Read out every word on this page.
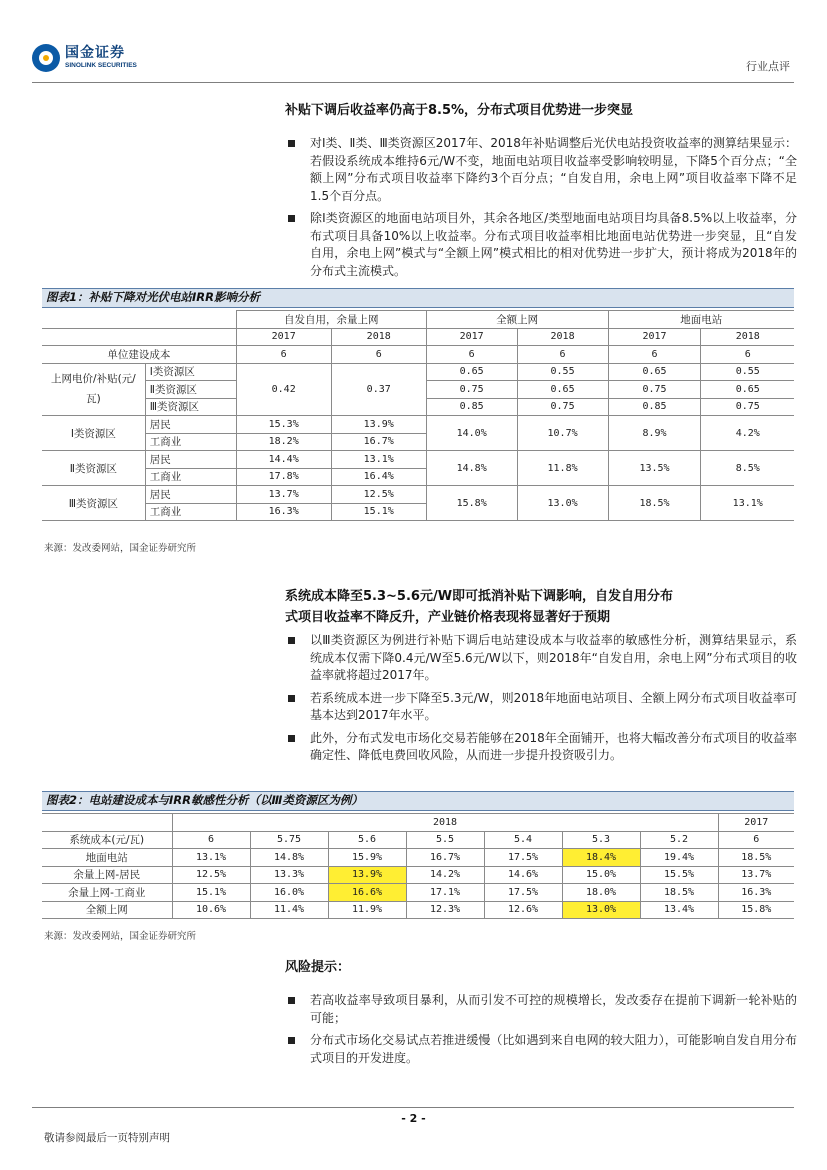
国金证券
SINOLINK SECURITIES	行业点评
补贴下调后收益率仍高于8.5%，分布式项目优势进一步突显
对Ⅰ类、Ⅱ类、Ⅲ类资源区2017年、2018年补贴调整后光伏电站投资收益率的测算结果显示：若假设系统成本维持6元/W不变，地面电站项目收益率受影响较明显，下降5个百分点；“全额上网”分布式项目收益率下降约3个百分点；“自发自用，余电上网”项目收益率下降不足1.5个百分点。
除Ⅰ类资源区的地面电站项目外，其余各地区/类型地面电站项目均具备8.5%以上收益率，分布式项目具备10%以上收益率。分布式项目收益率相比地面电站优势进一步突显，且“自发自用，余电上网”模式与“全额上网”模式相比的相对优势进一步扩大，预计将成为2018年的分布式主流模式。
图表1：补贴下降对光伏电站IRR影响分析
		自发自用，余量上网		全额上网		地面电站	
		2017	2018	2017	2018	2017	2018
单位建设成本		6	6	6	6	6	6
上网电价/补贴(元/瓦)	Ⅰ类资源区	0.42	0.37	0.65	0.55	0.65	0.55
	Ⅱ类资源区			0.75	0.65	0.75	0.65
	Ⅲ类资源区			0.85	0.75	0.85	0.75
Ⅰ类资源区	居民	15.3%	13.9%	14.0%	10.7%	8.9%	4.2%
	工商业	18.2%	16.7%				
Ⅱ类资源区	居民	14.4%	13.1%	14.8%	11.8%	13.5%	8.5%
	工商业	17.8%	16.4%				
Ⅲ类资源区	居民	13.7%	12.5%	15.8%	13.0%	18.5%	13.1%
	工商业	16.3%	15.1%				
来源：发改委网站，国金证券研究所
系统成本降至5.3~5.6元/W即可抵消补贴下调影响，自发自用分布
式项目收益率不降反升，产业链价格表现将显著好于预期
以Ⅲ类资源区为例进行补贴下调后电站建设成本与收益率的敏感性分析，测算结果显示，系统成本仅需下降0.4元/W至5.6元/W以下，则2018年“自发自用，余电上网”分布式项目的收益率就将超过2017年。
若系统成本进一步下降至5.3元/W，则2018年地面电站项目、全额上网分布式项目收益率可基本达到2017年水平。
此外，分布式发电市场化交易若能够在2018年全面铺开，也将大幅改善分布式项目的收益率确定性、降低电费回收风险，从而进一步提升投资吸引力。
图表2：电站建设成本与IRR敏感性分析（以Ⅲ类资源区为例）
	2018							2017
系统成本(元/瓦)	6	5.75	5.6	5.5	5.4	5.3	5.2	6
地面电站	13.1%	14.8%	15.9%	16.7%	17.5%	18.4%	19.4%	18.5%
余量上网-居民	12.5%	13.3%	13.9%	14.2%	14.6%	15.0%	15.5%	13.7%
余量上网-工商业	15.1%	16.0%	16.6%	17.1%	17.5%	18.0%	18.5%	16.3%
全额上网	10.6%	11.4%	11.9%	12.3%	12.6%	13.0%	13.4%	15.8%
来源：发改委网站，国金证券研究所
风险提示：
若高收益率导致项目暴利，从而引发不可控的规模增长，发改委存在提前下调新一轮补贴的可能；
分布式市场化交易试点若推进缓慢（比如遇到来自电网的较大阻力），可能影响自发自用分布式项目的开发进度。
- 2 -
敬请参阅最后一页特别声明
